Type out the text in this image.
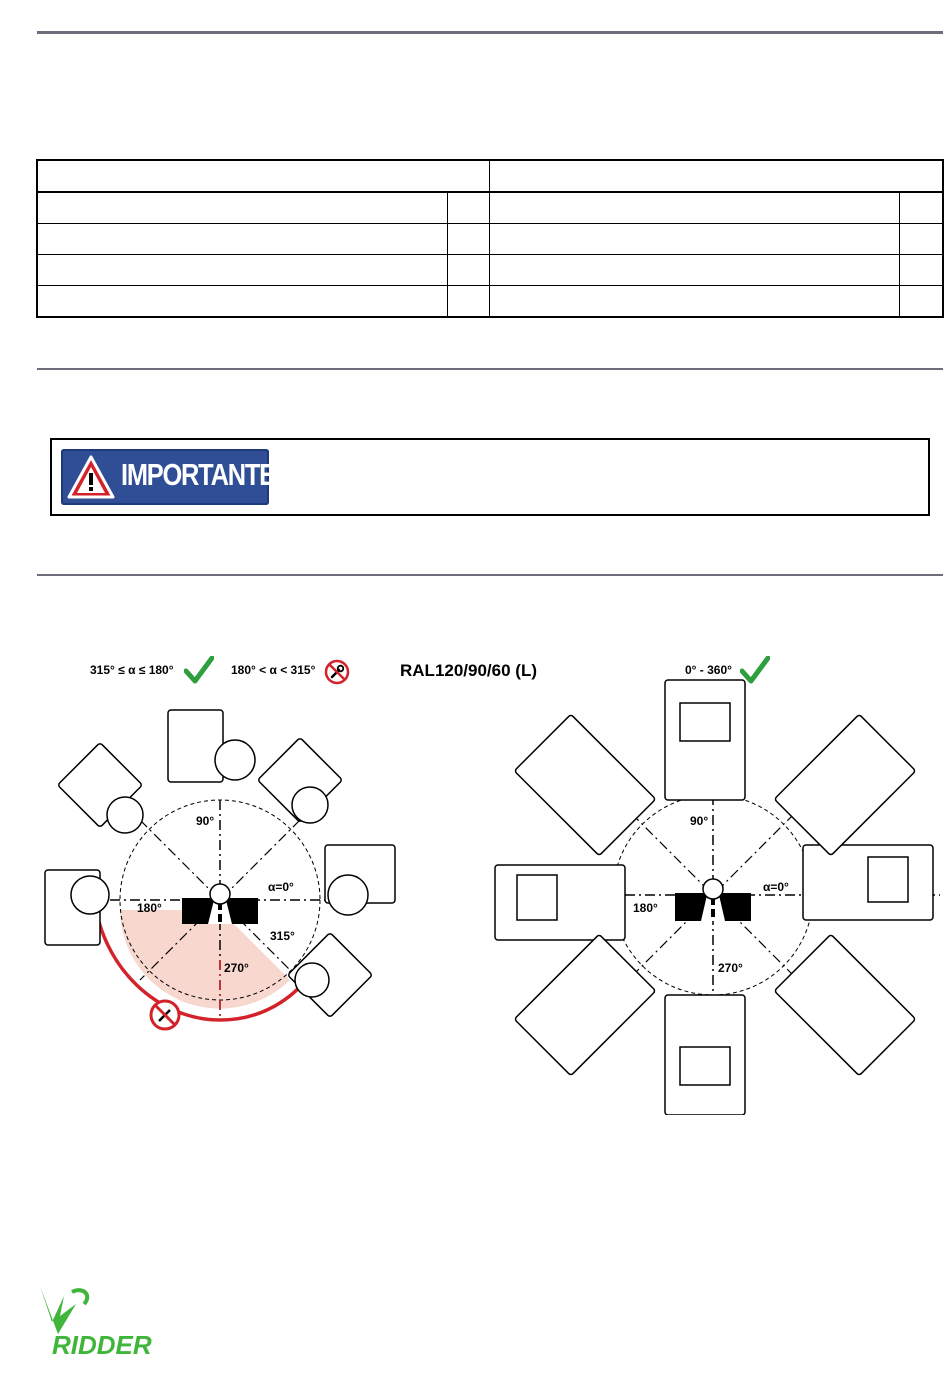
IMPORTANTE
315° ≤ α ≤ 180°	180° < α < 315°	RAL120/90/60 (L)	0° - 360°
90°
α=0°
180°
315°
270°
90°
α=0°
180°
270°
RIDDER
